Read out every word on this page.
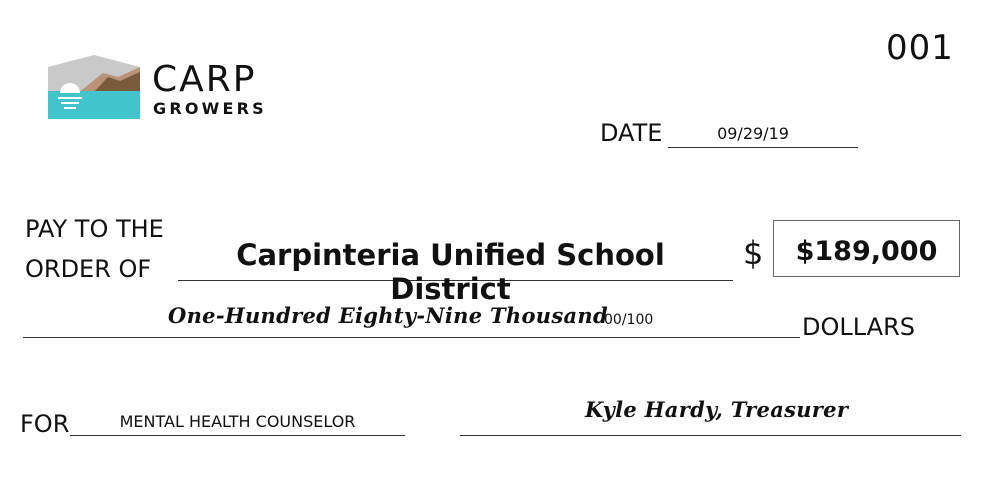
001
CARP
GROWERS
DATE	09/29/19
PAY TO THE
ORDER OF	Carpinteria Unified School District
$	$189,000
One-Hundred Eighty-Nine Thousand
00/100	DOLLARS
FOR	MENTAL HEALTH COUNSELOR	Kyle Hardy, Treasurer
